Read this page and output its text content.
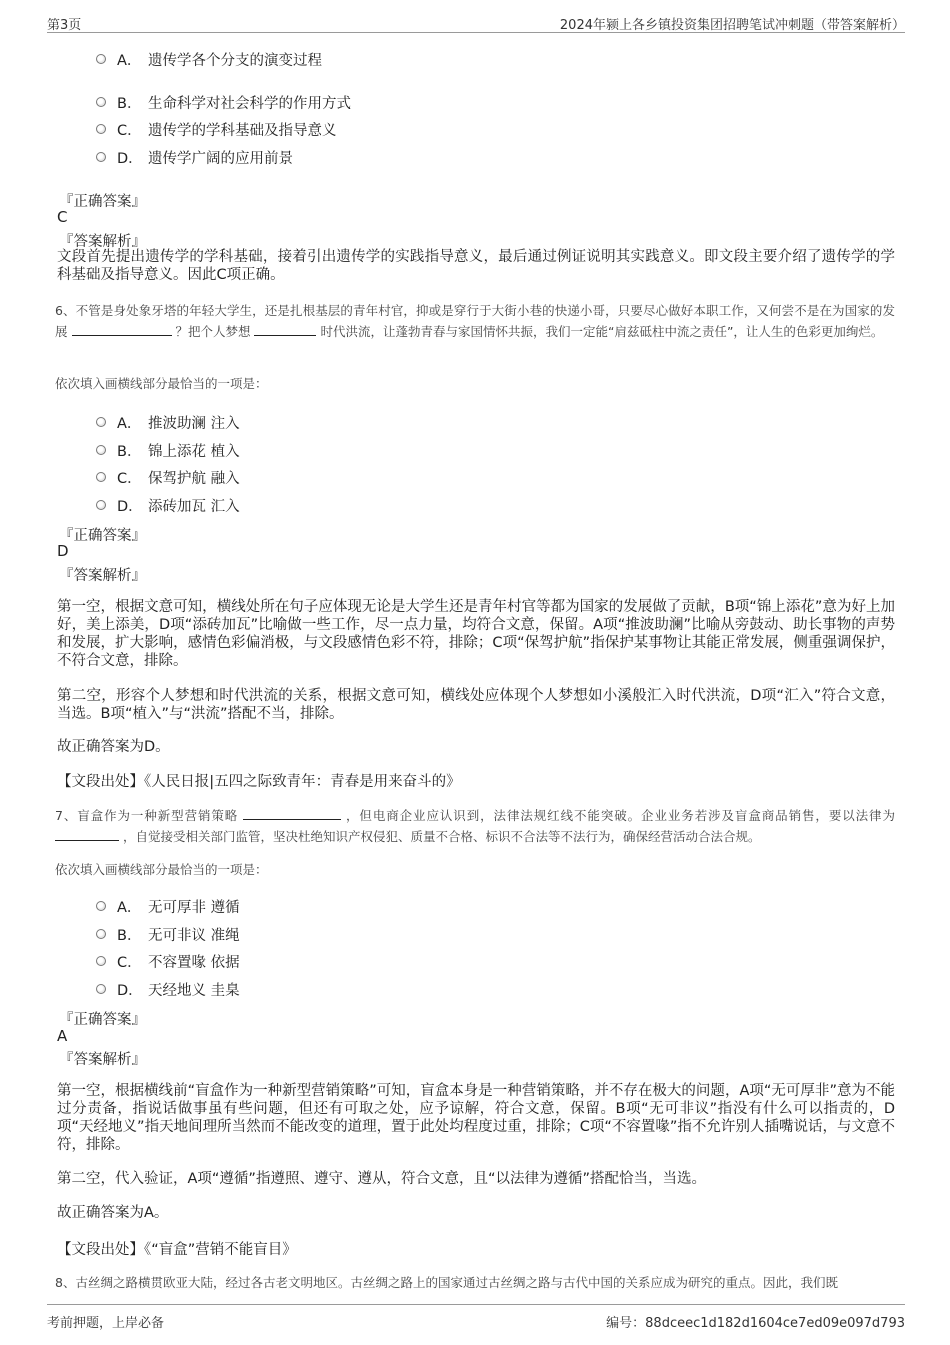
第3页	2024年颍上各乡镇投资集团招聘笔试冲刺题（带答案解析）
A． 遗传学各个分支的演变过程
B． 生命科学对社会科学的作用方式
C． 遗传学的学科基础及指导意义
D． 遗传学广阔的应用前景
『正确答案』
C
『答案解析』
文段首先提出遗传学的学科基础，接着引出遗传学的实践指导意义，最后通过例证说明其实践意义。即文段主要介绍了遗传学的学科基础及指导意义。因此C项正确。
6、不管是身处象牙塔的年轻大学生，还是扎根基层的青年村官，抑或是穿行于大街小巷的快递小哥，只要尽心做好本职工作，又何尝不是在为国家的发展	？把个人梦想	时代洪流，让蓬勃青春与家国情怀共振，我们一定能“肩兹砥柱中流之责任”，让人生的色彩更加绚烂。
依次填入画横线部分最恰当的一项是：
A． 推波助澜 注入
B． 锦上添花 植入
C． 保驾护航 融入
D． 添砖加瓦 汇入
『正确答案』
D
『答案解析』
第一空，根据文意可知，横线处所在句子应体现无论是大学生还是青年村官等都为国家的发展做了贡献，B项“锦上添花”意为好上加好，美上添美，D项“添砖加瓦”比喻做一些工作，尽一点力量，均符合文意，保留。A项“推波助澜”比喻从旁鼓动、助长事物的声势和发展，扩大影响，感情色彩偏消极，与文段感情色彩不符，排除；C项“保驾护航”指保护某事物让其能正常发展，侧重强调保护，不符合文意，排除。
第二空，形容个人梦想和时代洪流的关系，根据文意可知，横线处应体现个人梦想如小溪般汇入时代洪流，D项“汇入”符合文意，当选。B项“植入”与“洪流”搭配不当，排除。
故正确答案为D。
【文段出处】《人民日报|五四之际致青年：青春是用来奋斗的》
7、盲盒作为一种新型营销策略	，但电商企业应认识到，法律法规红线不能突破。企业业务若涉及盲盒商品销售，要以法律为  ，自觉接受相关部门监管，坚决杜绝知识产权侵犯、质量不合格、标识不合法等不法行为，确保经营活动合法合规。
依次填入画横线部分最恰当的一项是：
A． 无可厚非 遵循
B． 无可非议 准绳
C． 不容置喙 依据
D． 天经地义 圭臬
『正确答案』
A
『答案解析』
第一空，根据横线前“盲盒作为一种新型营销策略”可知，盲盒本身是一种营销策略，并不存在极大的问题，A项“无可厚非”意为不能过分责备，指说话做事虽有些问题，但还有可取之处，应予谅解，符合文意，保留。B项“无可非议”指没有什么可以指责的，D项“天经地义”指天地间理所当然而不能改变的道理，置于此处均程度过重，排除；C项“不容置喙”指不允许别人插嘴说话，与文意不符，排除。
第二空，代入验证，A项“遵循”指遵照、遵守、遵从，符合文意，且“以法律为遵循”搭配恰当，当选。
故正确答案为A。
【文段出处】《“盲盒”营销不能盲目》
8、古丝绸之路横贯欧亚大陆，经过各古老文明地区。古丝绸之路上的国家通过古丝绸之路与古代中国的关系应成为研究的重点。因此，我们既
考前押题，上岸必备	编号：88dceec1d182d1604ce7ed09e097d793
